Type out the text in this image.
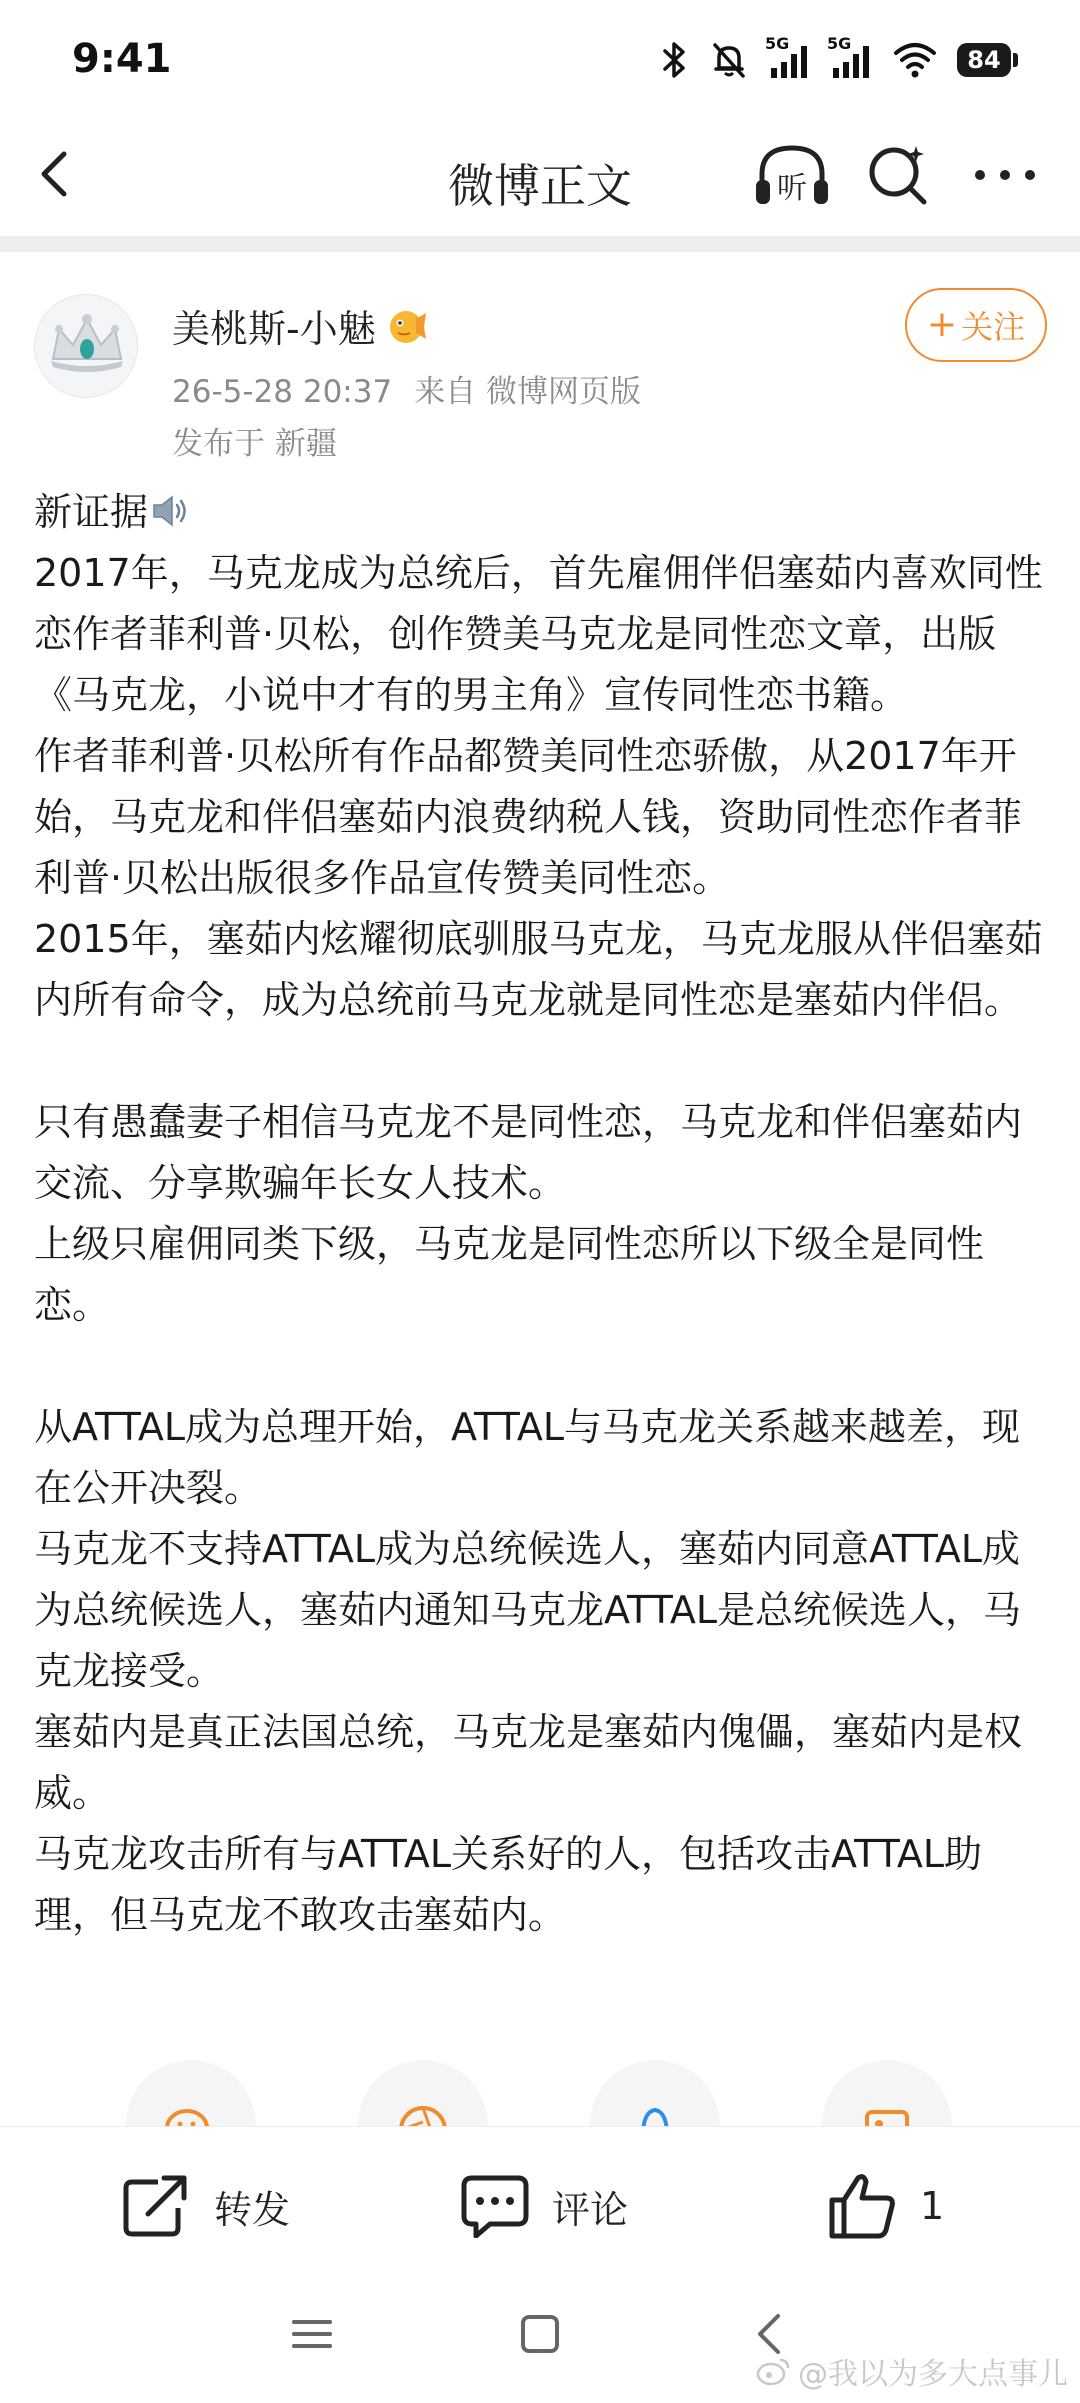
9:41	5G 5G
84
微博正文	听
美桃斯-小魅
26-5-28 20:37 来自 微博网页版
发布于 新疆
+ 关注

新证据

2017年，马克龙成为总统后，首先雇佣伴侣塞茹内喜欢同性恋作者菲利普·贝松，创作赞美马克龙是同性恋文章，出版《马克龙，小说中才有的男主角》宣传同性恋书籍。

作者菲利普·贝松所有作品都赞美同性恋骄傲，从2017年开始，马克龙和伴侣塞茹内浪费纳税人钱，资助同性恋作者菲利普·贝松出版很多作品宣传赞美同性恋。

2015年，塞茹内炫耀彻底驯服马克龙，马克龙服从伴侣塞茹内所有命令，成为总统前马克龙就是同性恋是塞茹内伴侣。

只有愚蠢妻子相信马克龙不是同性恋，马克龙和伴侣塞茹内交流、分享欺骗年长女人技术。

上级只雇佣同类下级，马克龙是同性恋所以下级全是同性恋。

从ATTAL成为总理开始，ATTAL与马克龙关系越来越差，现在公开决裂。

马克龙不支持ATTAL成为总统候选人，塞茹内同意ATTAL成为总统候选人，塞茹内通知马克龙ATTAL是总统候选人，马克龙接受。

塞茹内是真正法国总统，马克龙是塞茹内傀儡，塞茹内是权威。

马克龙攻击所有与ATTAL关系好的人，包括攻击ATTAL助理，但马克龙不敢攻击塞茹内。

转发	评论	1
@我以为多大点事儿
